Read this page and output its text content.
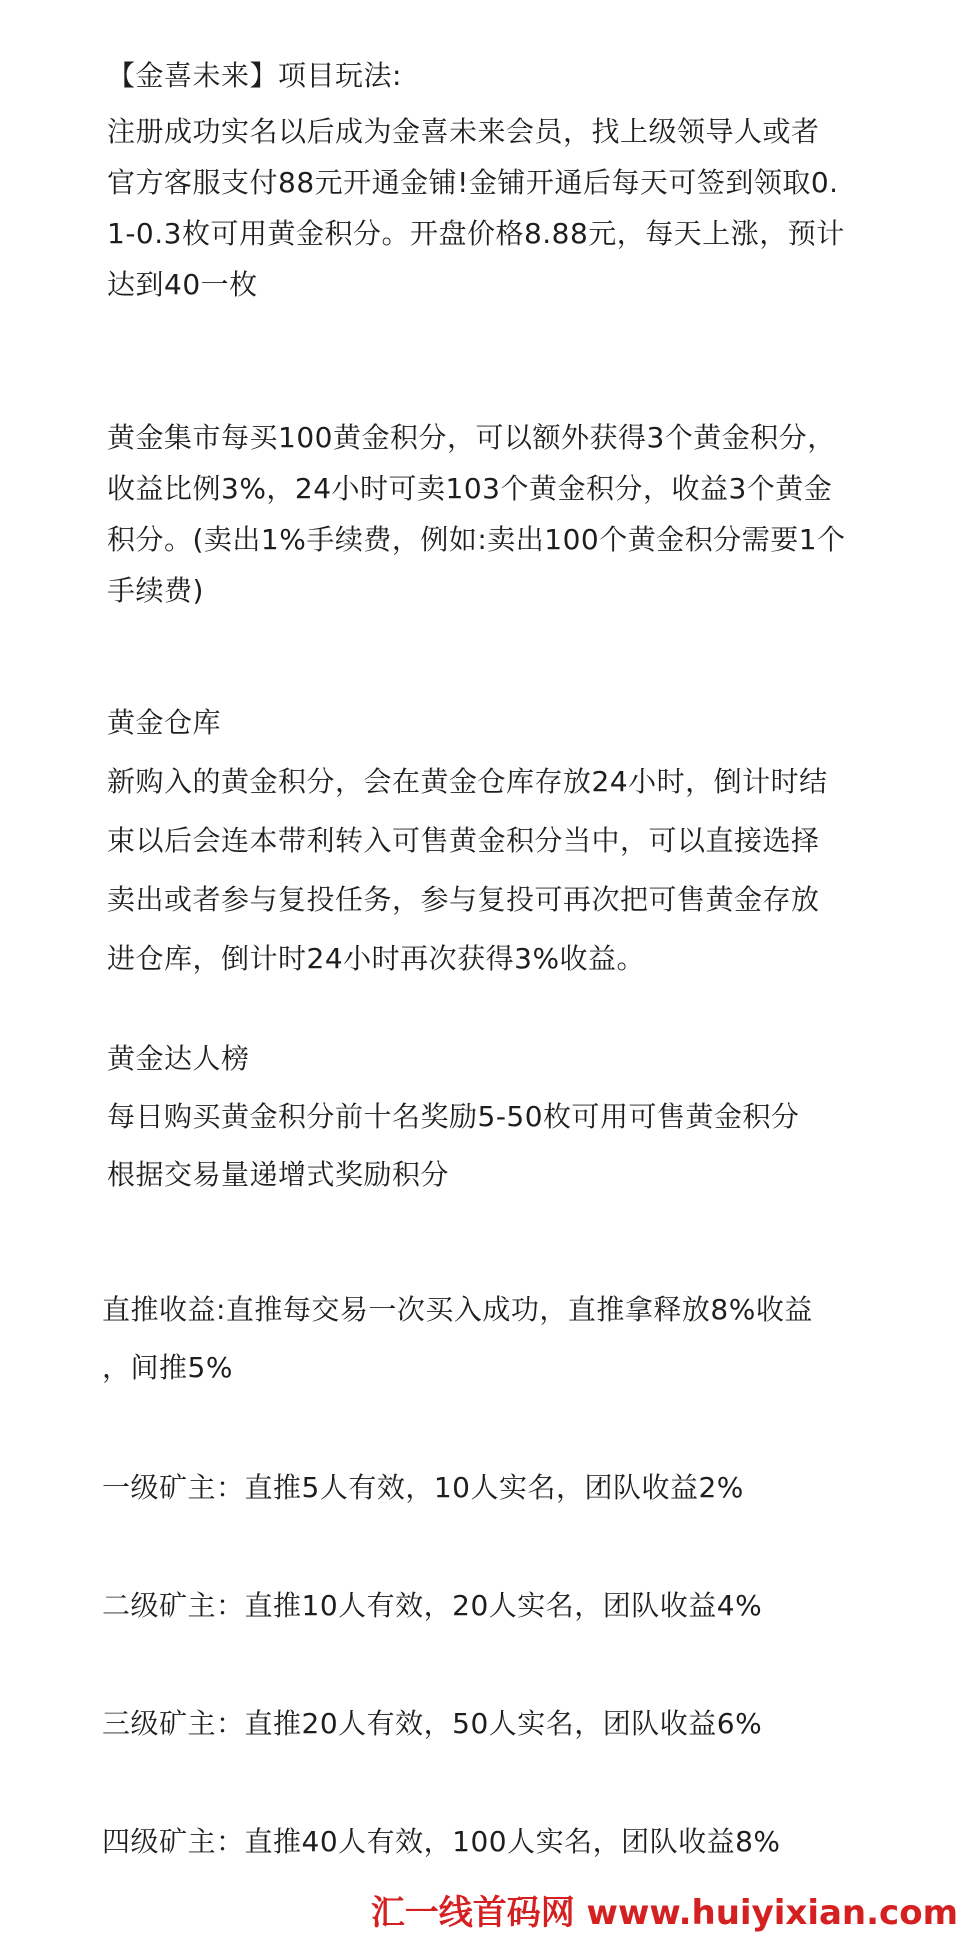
【金喜未来】项目玩法:
注册成功实名以后成为金喜未来会员，找上级领导人或者
官方客服支付88元开通金铺!金铺开通后每天可签到领取0.
1-0.3枚可用黄金积分。开盘价格8.88元，每天上涨，预计
达到40一枚
黄金集市每买100黄金积分，可以额外获得3个黄金积分，
收益比例3%，24小时可卖103个黄金积分，收益3个黄金
积分。(卖出1%手续费，例如:卖出100个黄金积分需要1个
手续费)
黄金仓库
新购入的黄金积分，会在黄金仓库存放24小时，倒计时结
束以后会连本带利转入可售黄金积分当中，可以直接选择
卖出或者参与复投任务，参与复投可再次把可售黄金存放
进仓库，倒计时24小时再次获得3%收益。
黄金达人榜
每日购买黄金积分前十名奖励5-50枚可用可售黄金积分
根据交易量递增式奖励积分
直推收益:直推每交易一次买入成功，直推拿释放8%收益
，间推5%
一级矿主：直推5人有效，10人实名，团队收益2%
二级矿主：直推10人有效，20人实名，团队收益4%
三级矿主：直推20人有效，50人实名，团队收益6%
四级矿主：直推40人有效，100人实名，团队收益8%
汇一线首码网 www.huiyixian.com
